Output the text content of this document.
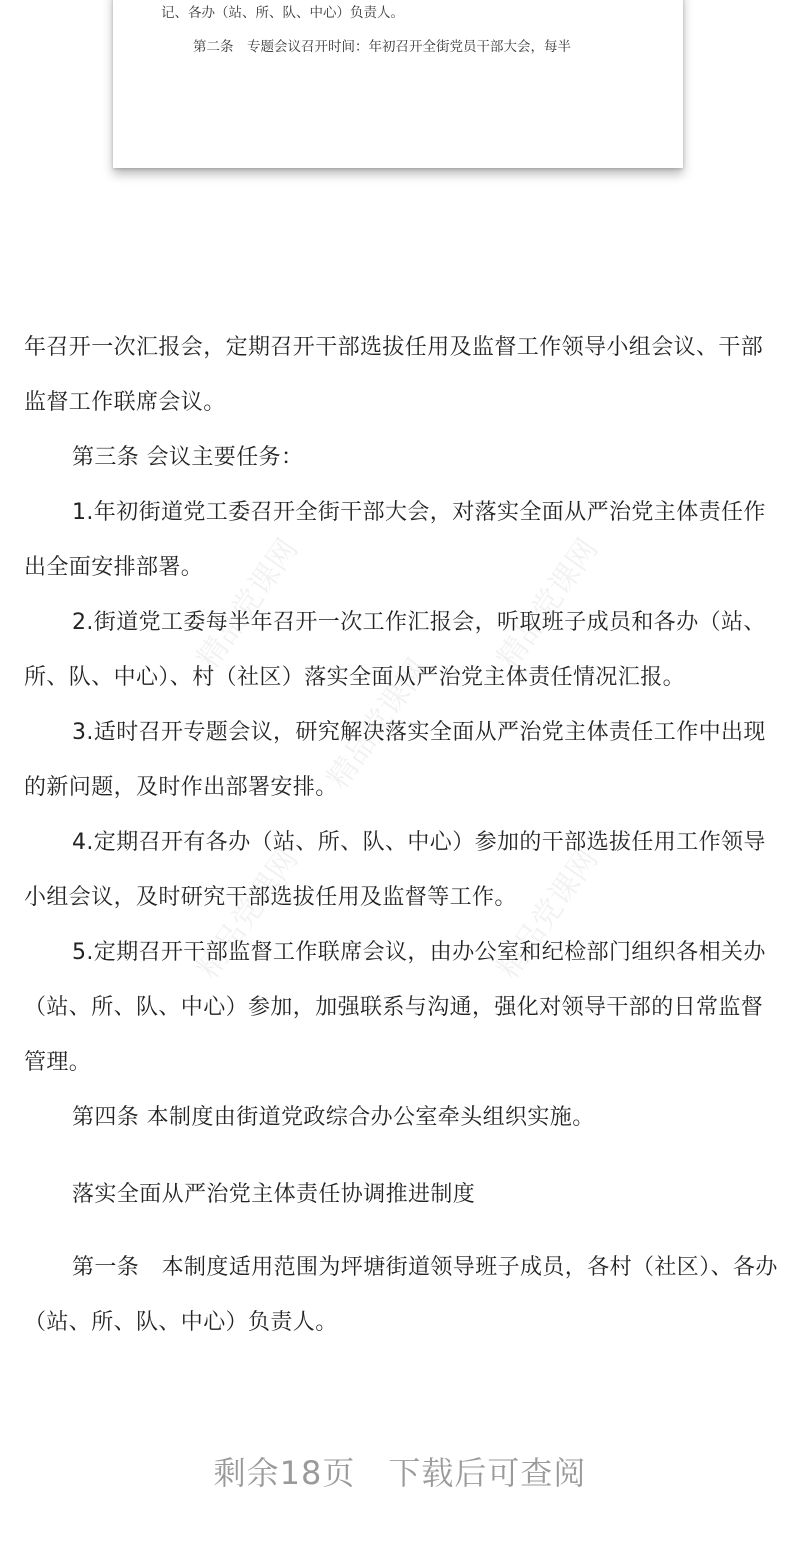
记、各办（站、所、队、中心）负责人。
第二条　专题会议召开时间：年初召开全街党员干部大会，每半
精品党课网	精品党课网
精品党课网
精品党课网	精品党课网

年召开一次汇报会，定期召开干部选拔任用及监督工作领导小组会议、干部监督工作联席会议。

第三条 会议主要任务：

1.年初街道党工委召开全街干部大会，对落实全面从严治党主体责任作出全面安排部署。

2.街道党工委每半年召开一次工作汇报会，听取班子成员和各办（站、所、队、中心）、村（社区）落实全面从严治党主体责任情况汇报。

3.适时召开专题会议，研究解决落实全面从严治党主体责任工作中出现的新问题，及时作出部署安排。

4.定期召开有各办（站、所、队、中心）参加的干部选拔任用工作领导小组会议，及时研究干部选拔任用及监督等工作。

5.定期召开干部监督工作联席会议，由办公室和纪检部门组织各相关办（站、所、队、中心）参加，加强联系与沟通，强化对领导干部的日常监督管理。

第四条 本制度由街道党政综合办公室牵头组织实施。

落实全面从严治党主体责任协调推进制度

第一条　本制度适用范围为坪塘街道领导班子成员，各村（社区）、各办（站、所、队、中心）负责人。

剩余18页　下载后可查阅
